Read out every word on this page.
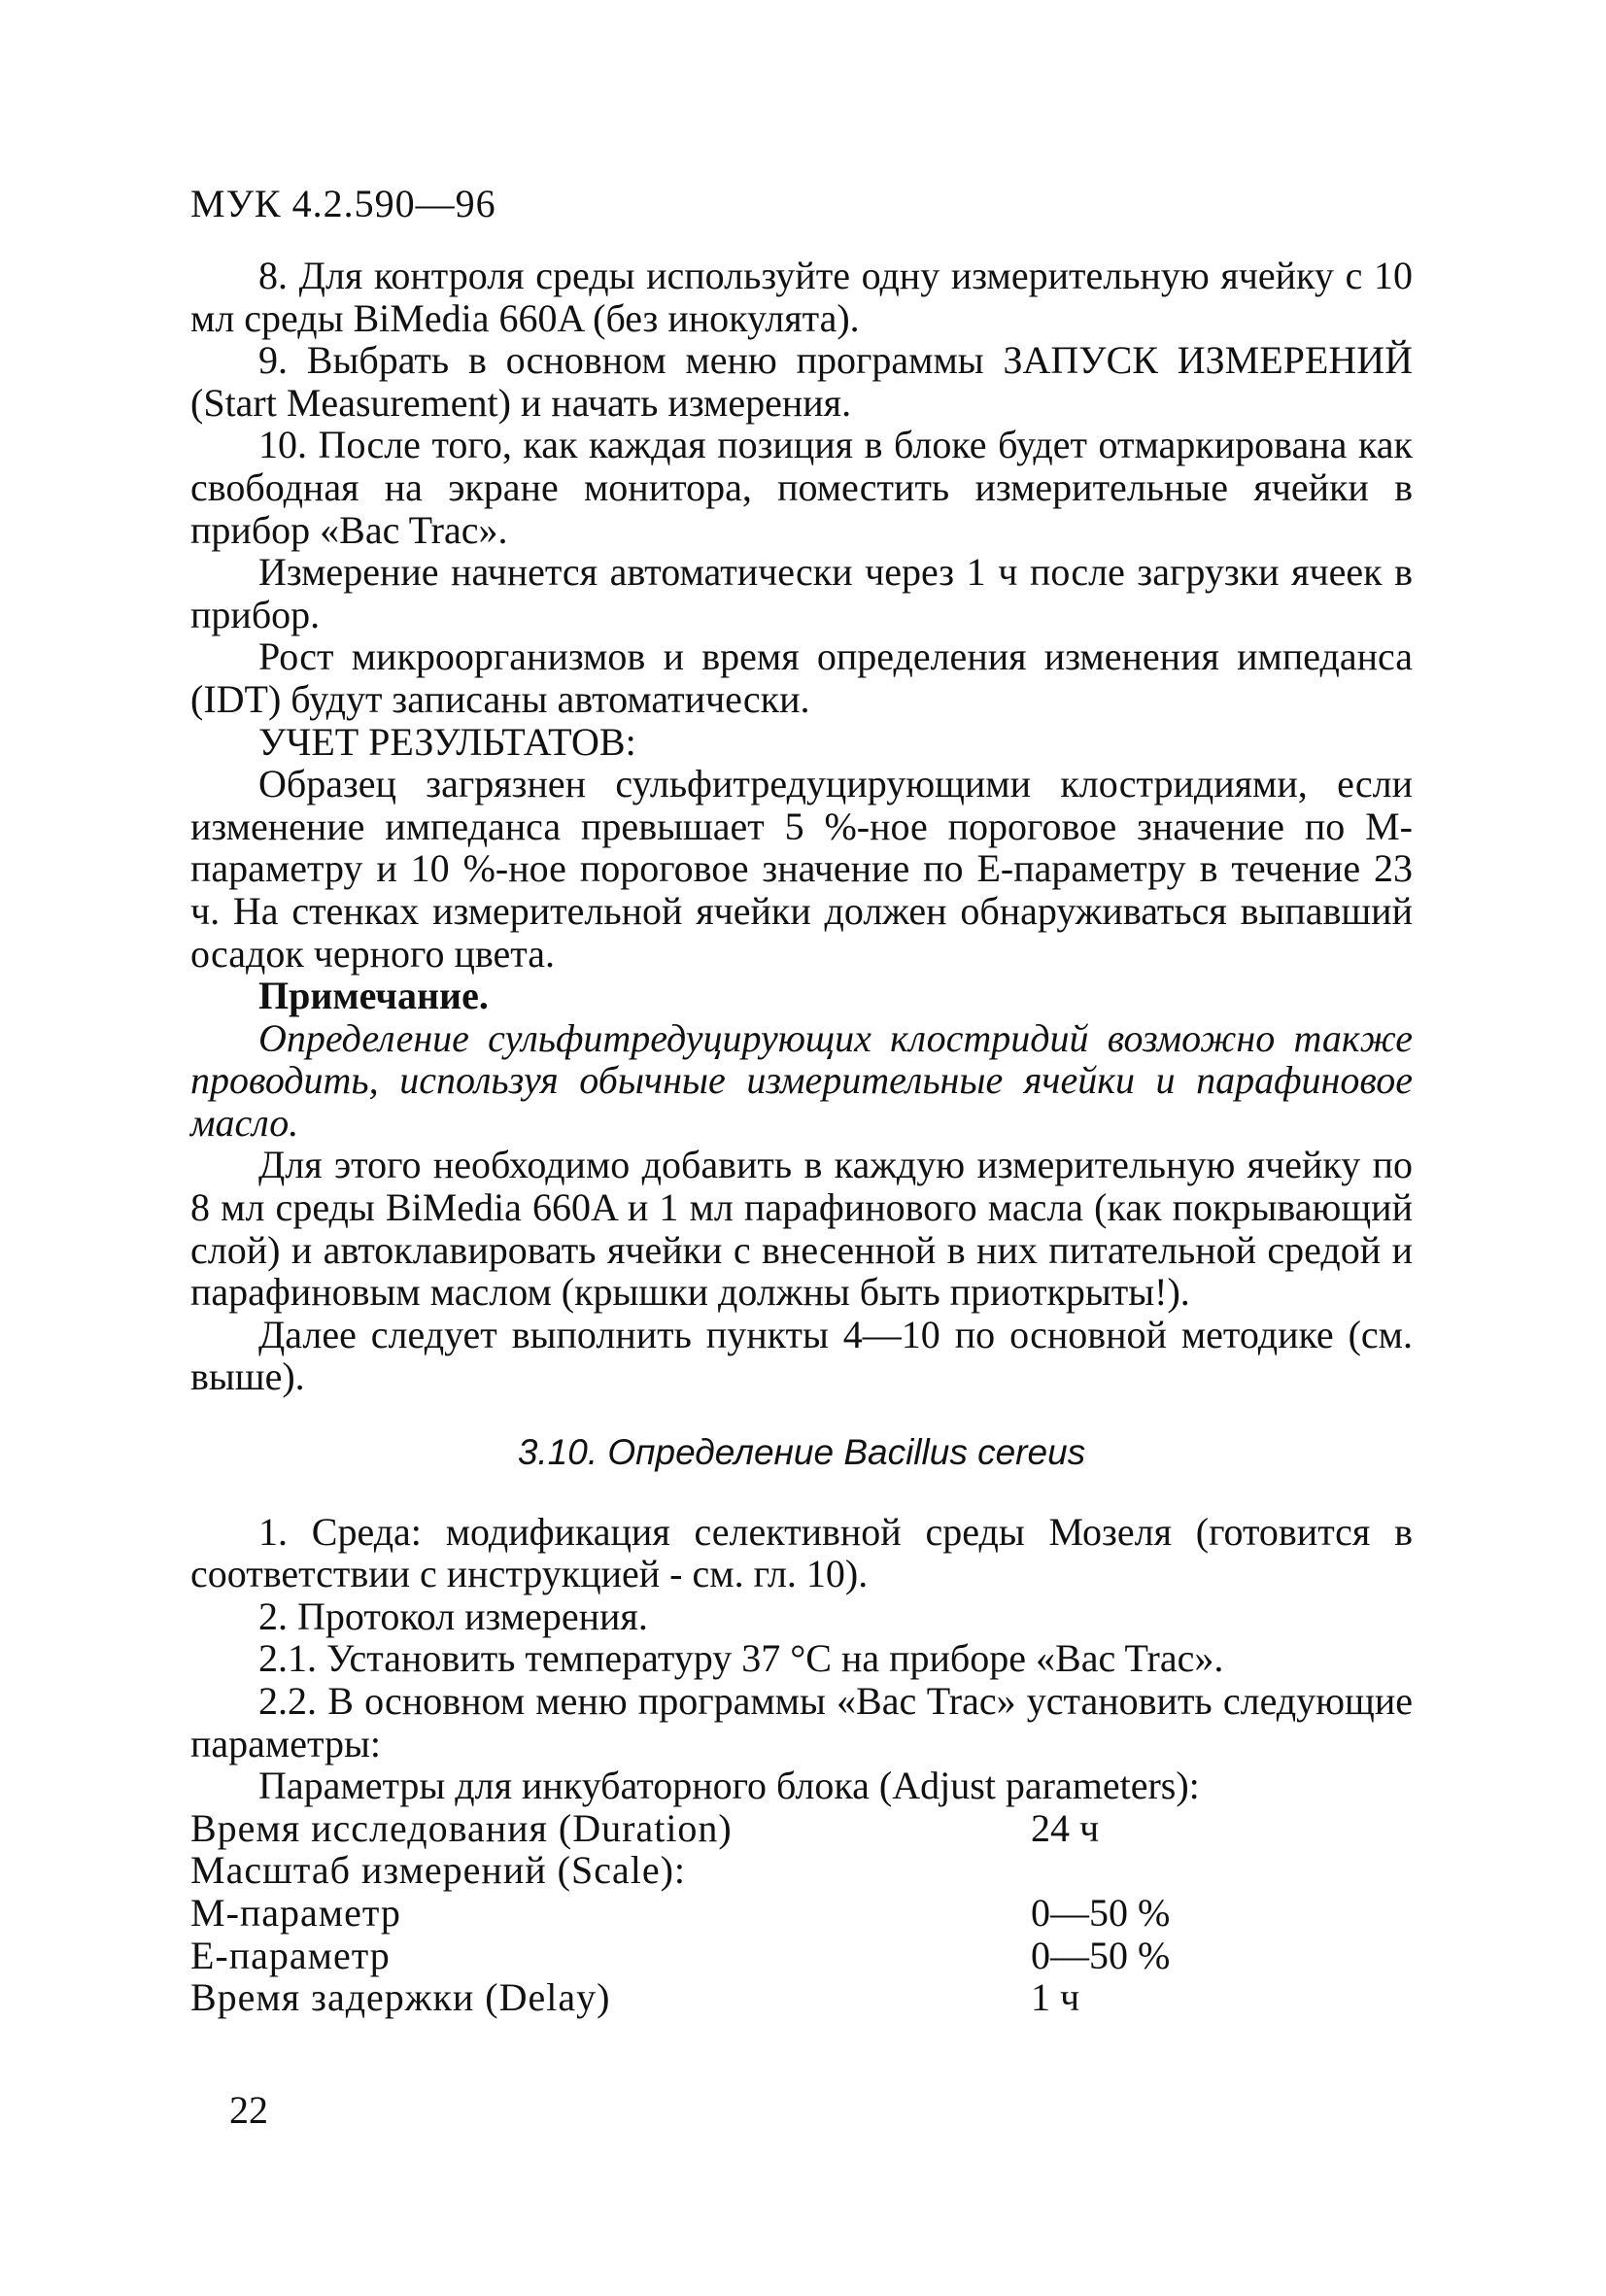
МУК 4.2.590—96

8. Для контроля среды используйте одну измерительную ячейку с 10 мл среды BiMedia 660A (без инокулята).

9. Выбрать в основном меню программы ЗАПУСК ИЗМЕРЕНИЙ (Start Measurement) и начать измерения.

10. После того, как каждая позиция в блоке будет отмаркирована как свободная на экране монитора, поместить измерительные ячейки в прибор «Bac Trac».

Измерение начнется автоматически через 1 ч после загрузки ячеек в прибор.

Рост микроорганизмов и время определения изменения импеданса (IDT) будут записаны автоматически.

УЧЕТ РЕЗУЛЬТАТОВ:

Образец загрязнен сульфитредуцирующими клостридиями, если изменение импеданса превышает 5 %-ное пороговое значение по М-параметру и 10 %-ное пороговое значение по Е-параметру в течение 23 ч. На стенках измерительной ячейки должен обнаруживаться выпавший осадок черного цвета.

Примечание.

Определение сульфитредуцирующих клостридий возможно также проводить, используя обычные измерительные ячейки и парафиновое масло.

Для этого необходимо добавить в каждую измерительную ячейку по 8 мл среды BiMedia 660A и 1 мл парафинового масла (как покрывающий слой) и автоклавировать ячейки с внесенной в них питательной средой и парафиновым маслом (крышки должны быть приоткрыты!).

Далее следует выполнить пункты 4—10 по основной методике (см. выше).

3.10. Определение Bacillus cereus

1. Среда: модификация селективной среды Мозеля (готовится в соответствии с инструкцией - см. гл. 10).

2. Протокол измерения.

2.1. Установить температуру 37 °С на приборе «Bac Trac».

2.2. В основном меню программы «Bac Trac» установить следующие параметры:

Параметры для инкубаторного блока (Adjust parameters):

Время исследования (Duration)	24 ч
Масштаб измерений (Scale):
М-параметр	0—50 %
Е-параметр	0—50 %
Время задержки (Delay)	1 ч
22
